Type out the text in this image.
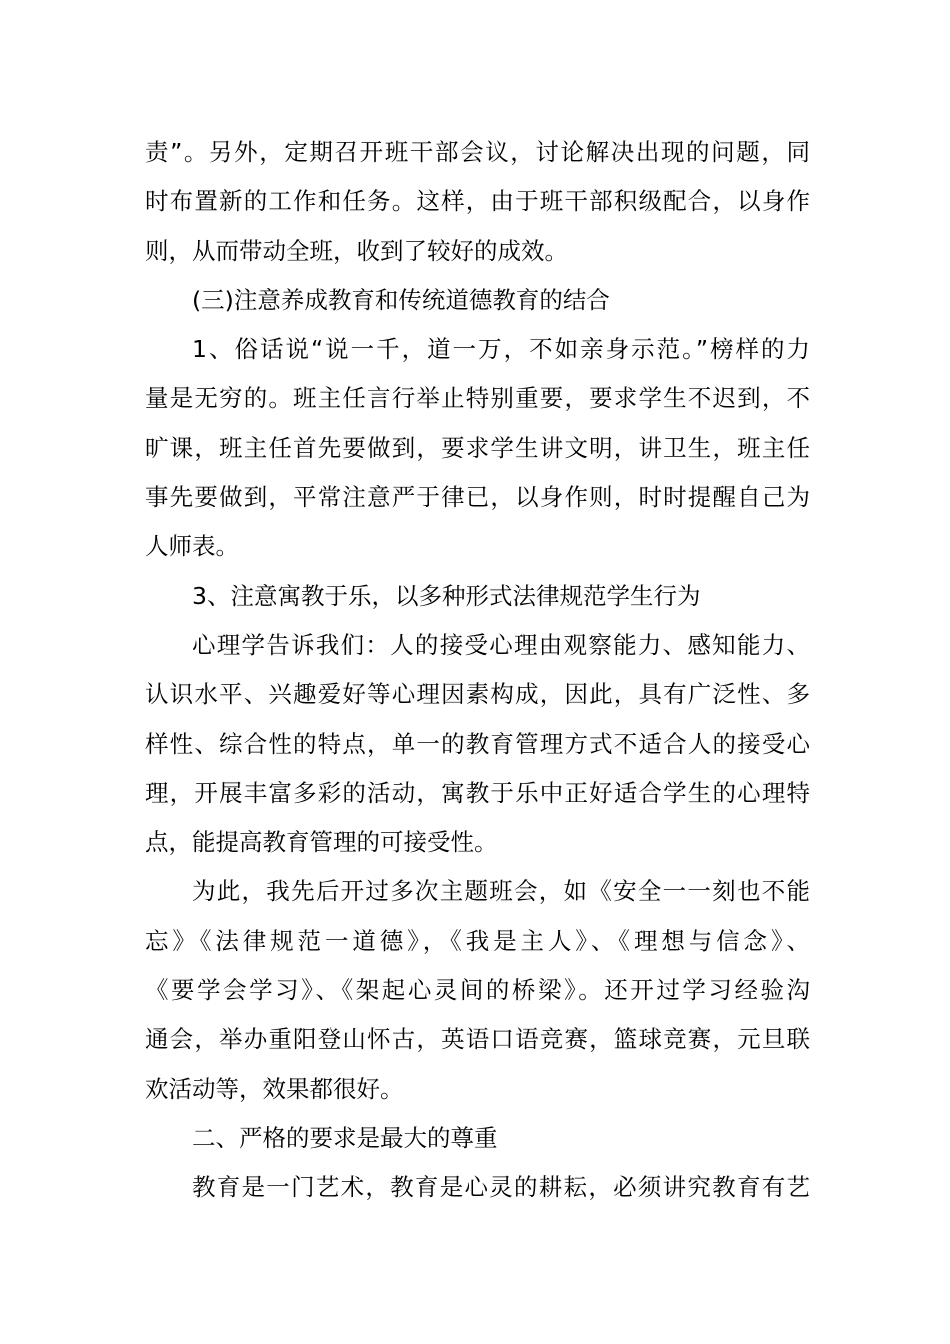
责”。另外，定期召开班干部会议，讨论解决出现的问题，同
时布置新的工作和任务。这样，由于班干部积级配合，以身作
则，从而带动全班，收到了较好的成效。
(三)注意养成教育和传统道德教育的结合
1、俗话说“说一千，道一万，不如亲身示范。”榜样的力
量是无穷的。班主任言行举止特别重要，要求学生不迟到，不
旷课，班主任首先要做到，要求学生讲文明，讲卫生，班主任
事先要做到，平常注意严于律已，以身作则，时时提醒自己为
人师表。
3、注意寓教于乐，以多种形式法律规范学生行为
心理学告诉我们：人的接受心理由观察能力、感知能力、
认识水平、兴趣爱好等心理因素构成，因此，具有广泛性、多
样性、综合性的特点，单一的教育管理方式不适合人的接受心
理，开展丰富多彩的活动，寓教于乐中正好适合学生的心理特
点，能提高教育管理的可接受性。
为此，我先后开过多次主题班会，如《安全一一刻也不能
忘》《法律规范一道德》，《我是主人》、《理想与信念》、
《要学会学习》、《架起心灵间的桥梁》。还开过学习经验沟
通会，举办重阳登山怀古，英语口语竞赛，篮球竞赛，元旦联
欢活动等，效果都很好。
二、严格的要求是最大的尊重
教育是一门艺术，教育是心灵的耕耘，必须讲究教育有艺
